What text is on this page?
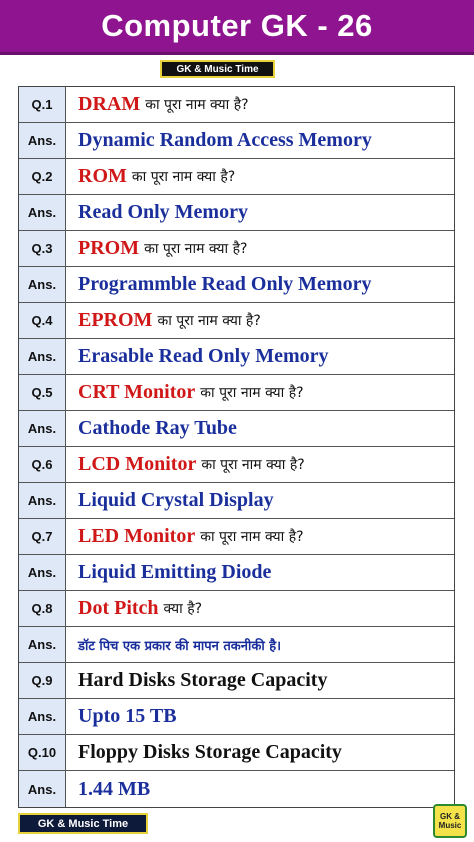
Computer GK - 26
GK & Music Time
Q.1	DRAM का पूरा नाम क्या है?
Ans.	Dynamic Random Access Memory
Q.2	ROM का पूरा नाम क्या है?
Ans.	Read Only Memory
Q.3	PROM का पूरा नाम क्या है?
Ans.	Programmble Read Only Memory
Q.4	EPROM का पूरा नाम क्या है?
Ans.	Erasable Read Only Memory
Q.5	CRT Monitor का पूरा नाम क्या है?
Ans.	Cathode Ray Tube
Q.6	LCD Monitor का पूरा नाम क्या है?
Ans.	Liquid Crystal Display
Q.7	LED Monitor का पूरा नाम क्या है?
Ans.	Liquid Emitting Diode
Q.8	Dot Pitch क्या है?
Ans.	डॉट पिच एक प्रकार की मापन तकनीकी है।
Q.9	Hard Disks Storage Capacity
Ans.	Upto 15 TB
Q.10	Floppy Disks Storage Capacity
Ans.	1.44 MB
GK & Music Time
GK &
Music
